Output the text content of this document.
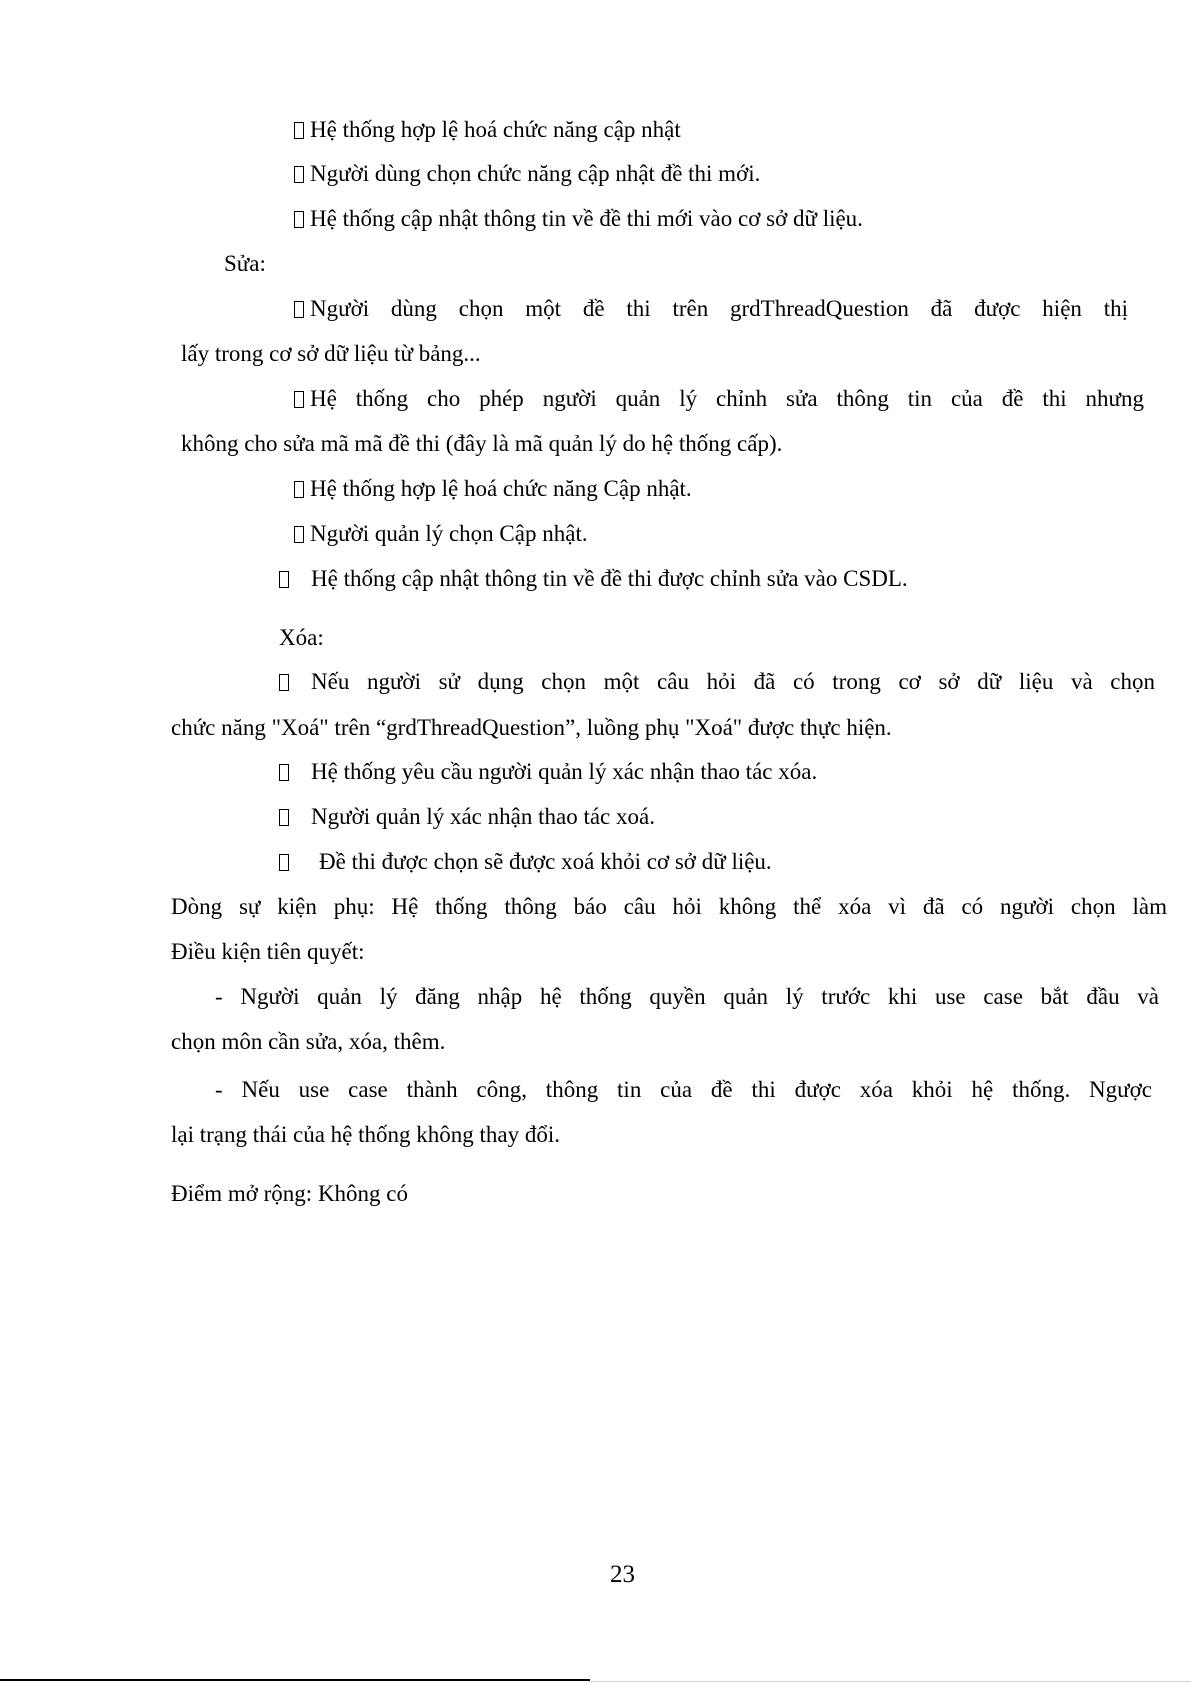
Hệ thống hợp lệ hoá chức năng cập nhật
Người dùng chọn chức năng cập nhật đề thi mới.
Hệ thống cập nhật thông tin về đề thi mới vào cơ sở dữ liệu.
Sửa:
Người dùng chọn một đề thi trên grdThreadQuestion đã được hiện thị
lấy trong cơ sở dữ liệu từ bảng...
Hệ thống cho phép người quản lý chỉnh sửa thông tin của đề thi nhưng
không cho sửa mã mã đề thi (đây là mã quản lý do hệ thống cấp).
Hệ thống hợp lệ hoá chức năng Cập nhật.
Người quản lý chọn Cập nhật.
Hệ thống cập nhật thông tin về đề thi được chỉnh sửa vào CSDL.
Xóa:
Nếu người sử dụng chọn một câu hỏi đã có trong cơ sở dữ liệu và chọn
chức năng "Xoá" trên “grdThreadQuestion”, luồng phụ "Xoá" được thực hiện.
Hệ thống yêu cầu người quản lý xác nhận thao tác xóa.
Người quản lý xác nhận thao tác xoá.
Đề thi được chọn sẽ được xoá khỏi cơ sở dữ liệu.
Dòng sự kiện phụ: Hệ thống thông báo câu hỏi không thể xóa vì đã có người chọn làm
Điều kiện tiên quyết:
- Người quản lý đăng nhập hệ thống quyền quản lý trước khi use case bắt đầu và
chọn môn cần sửa, xóa, thêm.
- Nếu use case thành công, thông tin của đề thi được xóa khỏi hệ thống. Ngược
lại trạng thái của hệ thống không thay đổi.
Điểm mở rộng: Không có
23
